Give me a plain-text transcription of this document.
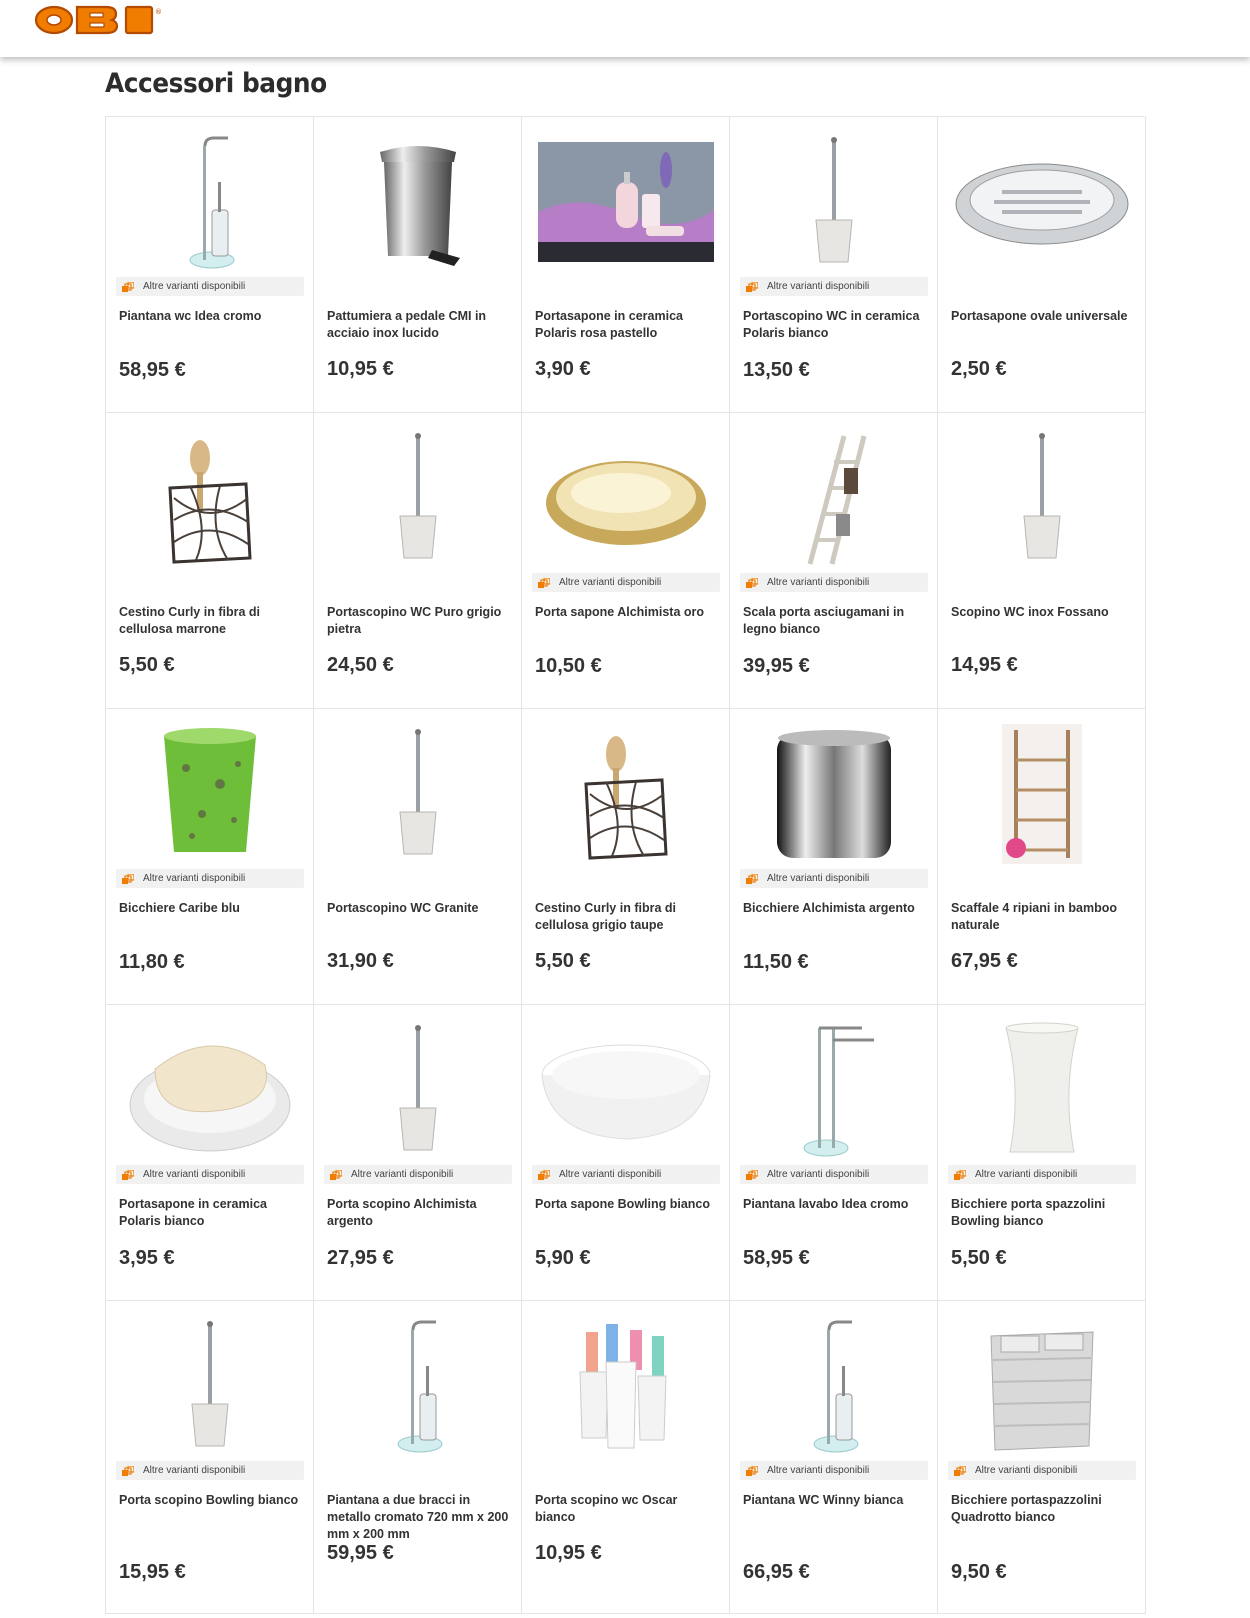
®
Accessori bagno
Altre varianti disponibili
Piantana wc Idea cromo
58,95 €
Pattumiera a pedale CMI in acciaio inox lucido
10,95 €
Portasapone in ceramica Polaris rosa pastello
3,90 €
Altre varianti disponibili
Portascopino WC in ceramica Polaris bianco
13,50 €
Portasapone ovale universale
2,50 €
Cestino Curly in fibra di cellulosa marrone
5,50 €
Portascopino WC Puro grigio pietra
24,50 €
Altre varianti disponibili
Porta sapone Alchimista oro
10,50 €
Altre varianti disponibili
Scala porta asciugamani in legno bianco
39,95 €
Scopino WC inox Fossano
14,95 €
Altre varianti disponibili
Bicchiere Caribe blu
11,80 €
Portascopino WC Granite
31,90 €
Cestino Curly in fibra di cellulosa grigio taupe
5,50 €
Altre varianti disponibili
Bicchiere Alchimista argento
11,50 €
Scaffale 4 ripiani in bamboo naturale
67,95 €
Altre varianti disponibili
Portasapone in ceramica Polaris bianco
3,95 €
Altre varianti disponibili
Porta scopino Alchimista argento
27,95 €
Altre varianti disponibili
Porta sapone Bowling bianco
5,90 €
Altre varianti disponibili
Piantana lavabo Idea cromo
58,95 €
Altre varianti disponibili
Bicchiere porta spazzolini Bowling bianco
5,50 €
Altre varianti disponibili
Porta scopino Bowling bianco
15,95 €
Piantana a due bracci in metallo cromato 720 mm x 200 mm x 200 mm
59,95 €
Porta scopino wc Oscar bianco
10,95 €
Altre varianti disponibili
Piantana WC Winny bianca
66,95 €
Altre varianti disponibili
Bicchiere portaspazzolini Quadrotto bianco
9,50 €
